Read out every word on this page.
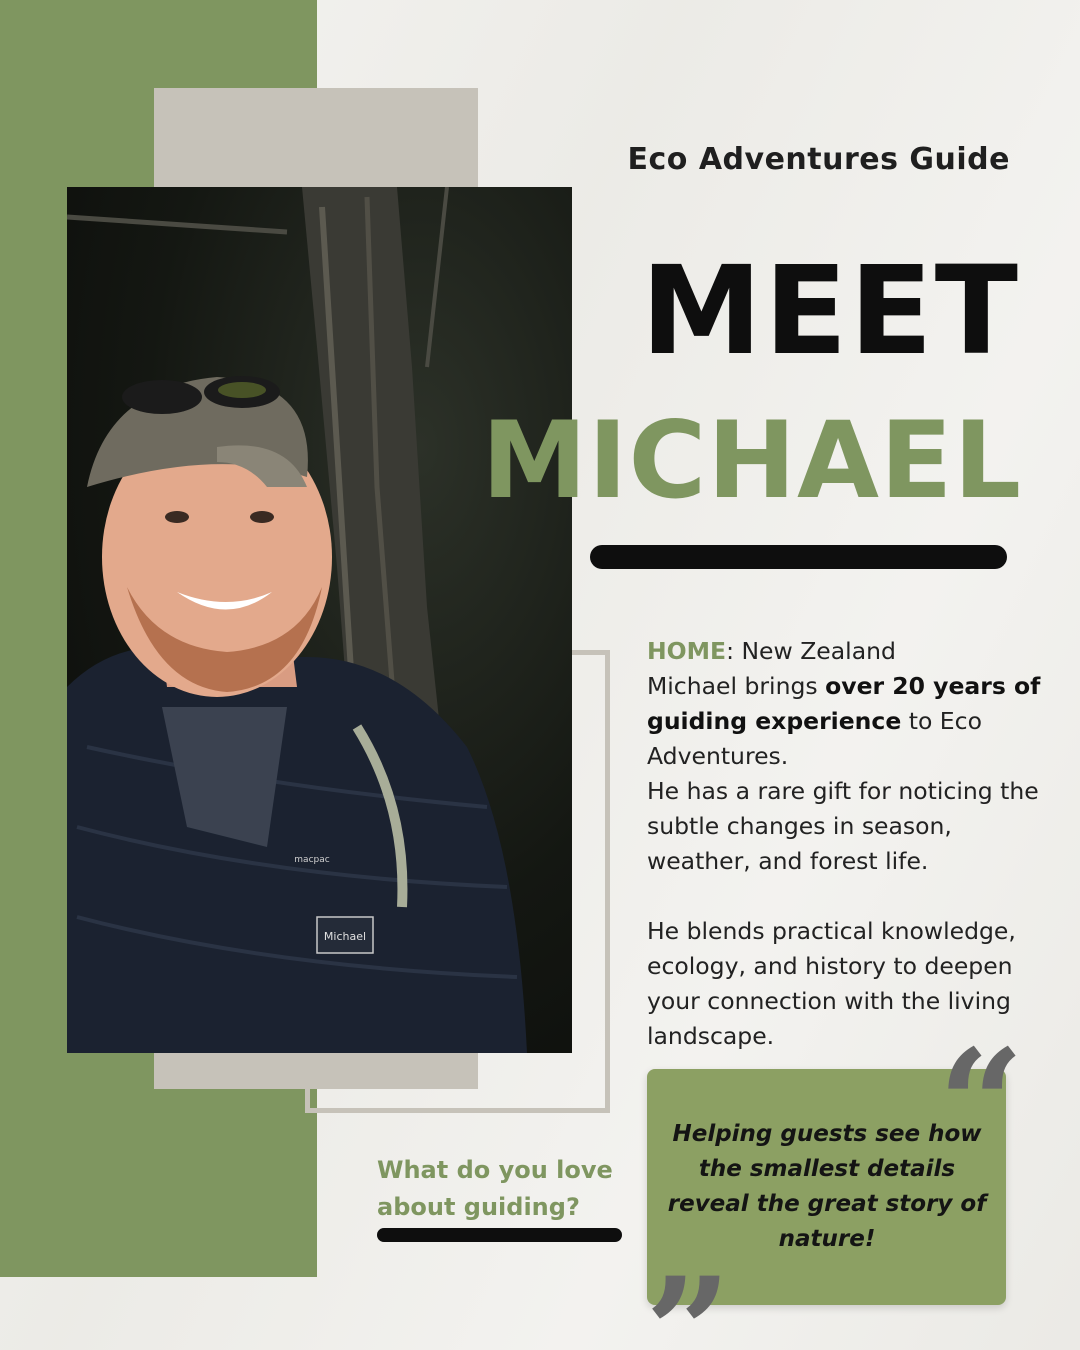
Michael
macpac
Eco Adventures Guide
MEET
MICHAEL

HOME: New Zealand

Michael brings over 20 years of guiding experience to Eco Adventures.

He has a rare gift for noticing the subtle changes in season, weather, and forest life.

He blends practical knowledge, ecology, and history to deepen your connection with the living landscape.

What do you love about guiding?
Helping guests see how the smallest details reveal the great story of nature!
“
”
